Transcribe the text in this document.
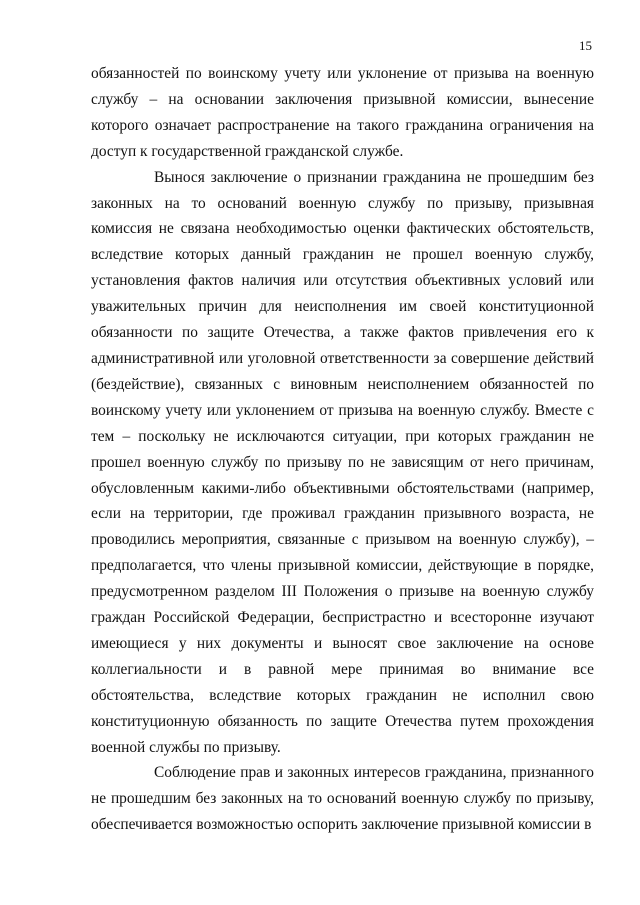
15

обязанностей по воинскому учету или уклонение от призыва на военную службу – на основании заключения призывной комиссии, вынесение которого означает распространение на такого гражданина ограничения на доступ к государственной гражданской службе.

Вынося заключение о признании гражданина не прошедшим без законных на то оснований военную службу по призыву, призывная комиссия не связана необходимостью оценки фактических обстоятельств, вследствие которых данный гражданин не прошел военную службу, установления фактов наличия или отсутствия объективных условий или уважительных причин для неисполнения им своей конституционной обязанности по защите Отечества, а также фактов привлечения его к административной или уголовной ответственности за совершение действий (бездействие), связанных с виновным неисполнением обязанностей по воинскому учету или уклонением от призыва на военную службу. Вместе с тем – поскольку не исключаются ситуации, при которых гражданин не прошел военную службу по призыву по не зависящим от него причинам, обусловленным какими-либо объективными обстоятельствами (например, если на территории, где проживал гражданин призывного возраста, не проводились мероприятия, связанные с призывом на военную службу), – предполагается, что члены призывной комиссии, действующие в порядке, предусмотренном разделом III Положения о призыве на военную службу граждан Российской Федерации, беспристрастно и всесторонне изучают имеющиеся у них документы и выносят свое заключение на основе коллегиальности и в равной мере принимая во внимание все обстоятельства, вследствие которых гражданин не исполнил свою конституционную обязанность по защите Отечества путем прохождения военной службы по призыву.

Соблюдение прав и законных интересов гражданина, признанного не прошедшим без законных на то оснований военную службу по призыву, обеспечивается возможностью оспорить заключение призывной комиссии в
